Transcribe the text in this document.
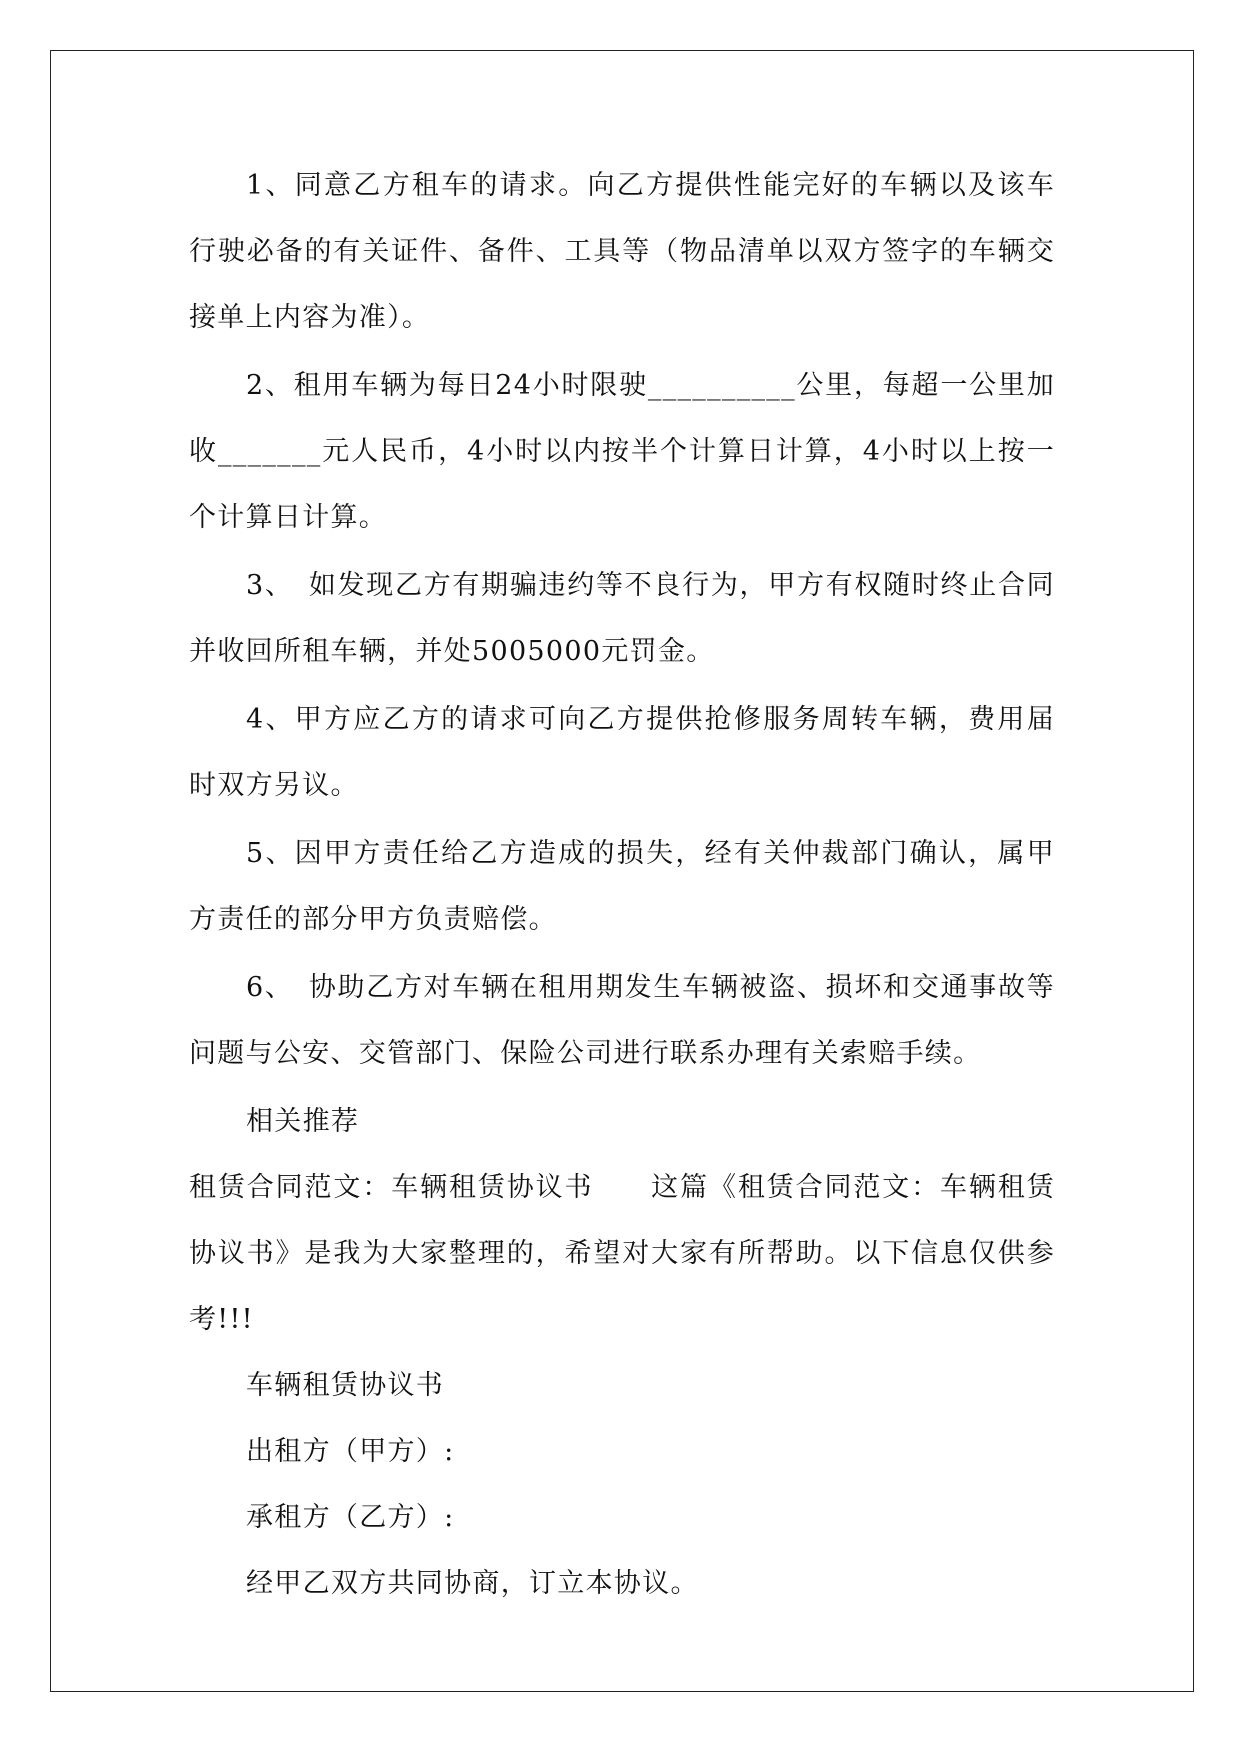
1、同意乙方租车的请求。向乙方提供性能完好的车辆以及该车行驶必备的有关证件、备件、工具等（物品清单以双方签字的车辆交接单上内容为准）。

2、租用车辆为每日24小时限驶__________公里，每超一公里加收_______元人民币，4小时以内按半个计算日计算，4小时以上按一个计算日计算。

3、　如发现乙方有期骗违约等不良行为，甲方有权随时终止合同并收回所租车辆，并处5005000元罚金。

4、甲方应乙方的请求可向乙方提供抢修服务周转车辆，费用届时双方另议。

5、因甲方责任给乙方造成的损失，经有关仲裁部门确认，属甲方责任的部分甲方负责赔偿。

6、　协助乙方对车辆在租用期发生车辆被盗、损坏和交通事故等问题与公安、交管部门、保险公司进行联系办理有关索赔手续。

相关推荐

租赁合同范文：车辆租赁协议书　　这篇《租赁合同范文：车辆租赁协议书》是我为大家整理的，希望对大家有所帮助。以下信息仅供参考!!!

车辆租赁协议书

出租方（甲方）:

承租方（乙方）:

经甲乙双方共同协商，订立本协议。
